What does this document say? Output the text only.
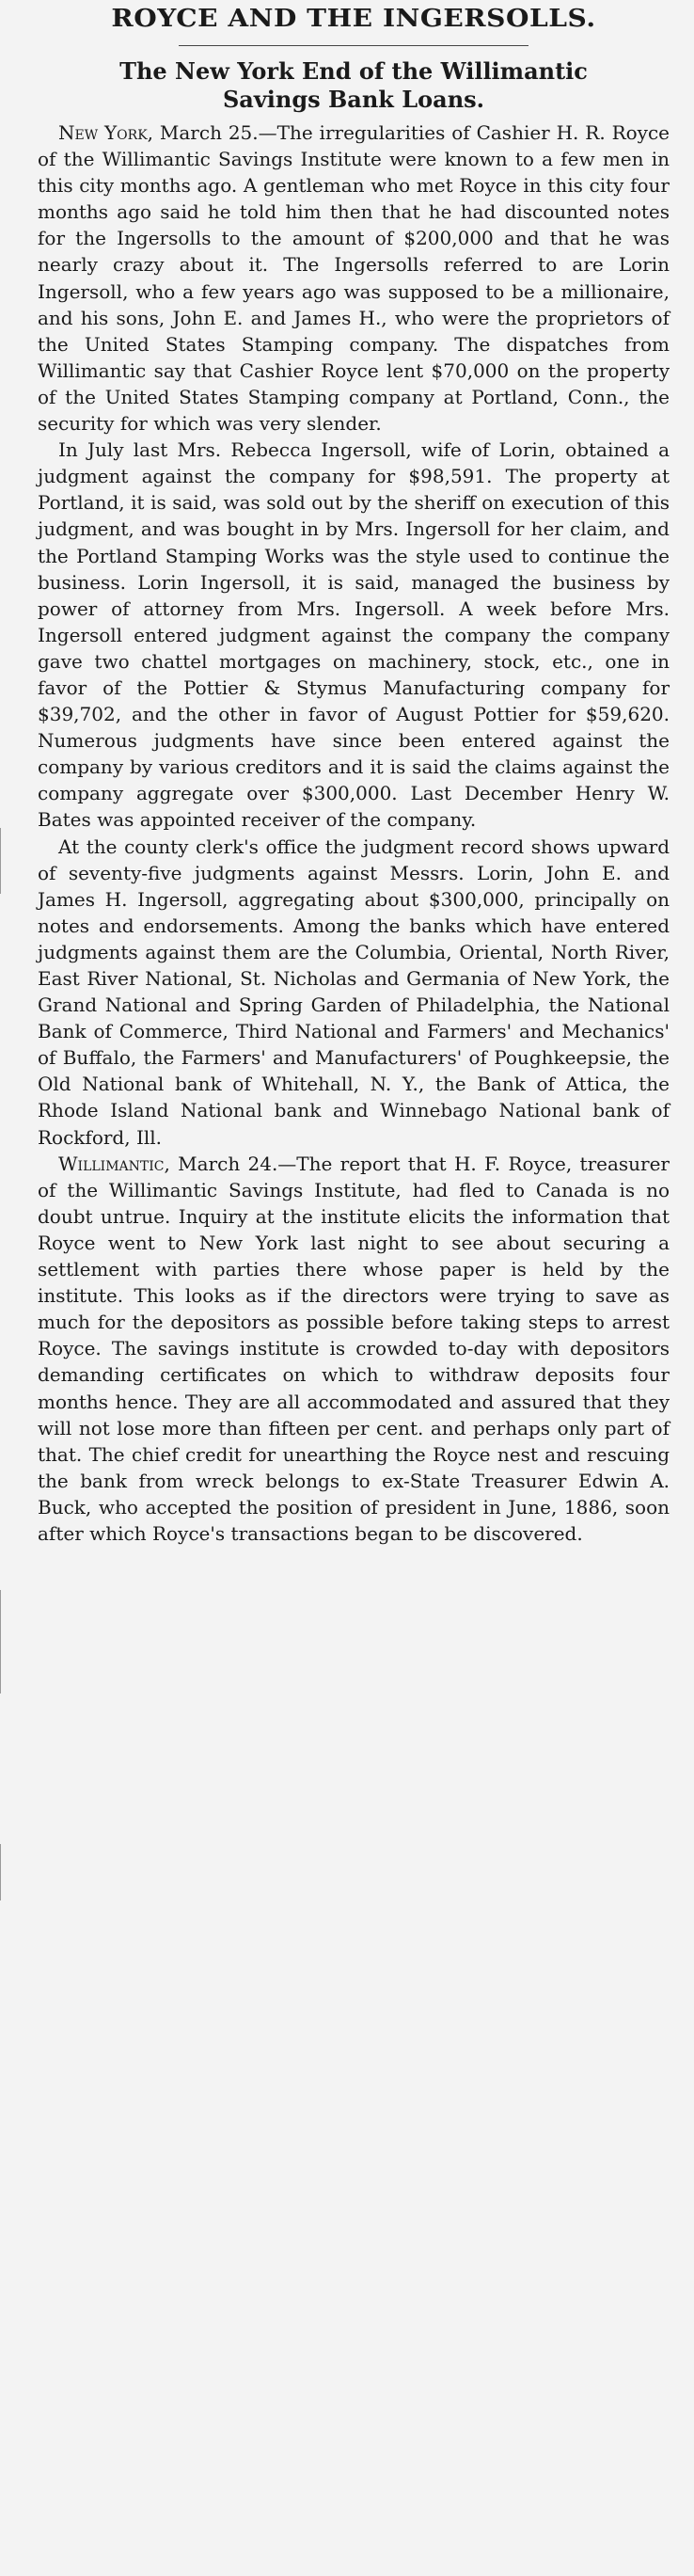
ROYCE AND THE INGERSOLLS.
The New York End of the Willimantic
Savings Bank Loans.

New York, March 25.—The irregularities of Cashier H. R. Royce of the Willimantic Savings Institute were known to a few men in this city months ago. A gentleman who met Royce in this city four months ago said he told him then that he had discounted notes for the Ingersolls to the amount of $200,000 and that he was nearly crazy about it. The Ingersolls referred to are Lorin Ingersoll, who a few years ago was supposed to be a millionaire, and his sons, John E. and James H., who were the proprietors of the United States Stamping company. The dispatches from Willimantic say that Cashier Royce lent $70,000 on the property of the United States Stamping company at Portland, Conn., the security for which was very slender.

In July last Mrs. Rebecca Ingersoll, wife of Lorin, obtained a judgment against the company for $98,591. The property at Portland, it is said, was sold out by the sheriff on execution of this judgment, and was bought in by Mrs. Ingersoll for her claim, and the Portland Stamping Works was the style used to continue the business. Lorin Ingersoll, it is said, managed the business by power of attorney from Mrs. Ingersoll. A week before Mrs. Ingersoll entered judgment against the company the company gave two chattel mortgages on machinery, stock, etc., one in favor of the Pottier & Stymus Manufacturing company for $39,702, and the other in favor of August Pottier for $59,620. Numerous judgments have since been entered against the company by various creditors and it is said the claims against the company aggregate over $300,000. Last December Henry W. Bates was appointed receiver of the company.

At the county clerk's office the judgment record shows upward of seventy-five judgments against Messrs. Lorin, John E. and James H. Ingersoll, aggregating about $300,000, principally on notes and endorsements. Among the banks which have entered judgments against them are the Columbia, Oriental, North River, East River National, St. Nicholas and Germania of New York, the Grand National and Spring Garden of Philadelphia, the National Bank of Commerce, Third National and Farmers' and Mechanics' of Buffalo, the Farmers' and Manufacturers' of Poughkeepsie, the Old National bank of Whitehall, N. Y., the Bank of Attica, the Rhode Island National bank and Winnebago National bank of Rockford, Ill.

Willimantic, March 24.—The report that H. F. Royce, treasurer of the Willimantic Savings Institute, had fled to Canada is no doubt untrue. Inquiry at the institute elicits the information that Royce went to New York last night to see about securing a settlement with parties there whose paper is held by the institute. This looks as if the directors were trying to save as much for the depositors as possible before taking steps to arrest Royce. The savings institute is crowded to-day with depositors demanding certificates on which to withdraw deposits four months hence. They are all accommodated and assured that they will not lose more than fifteen per cent. and perhaps only part of that. The chief credit for unearthing the Royce nest and rescuing the bank from wreck belongs to ex-State Treasurer Edwin A. Buck, who accepted the position of president in June, 1886, soon after which Royce's transactions began to be discovered.
